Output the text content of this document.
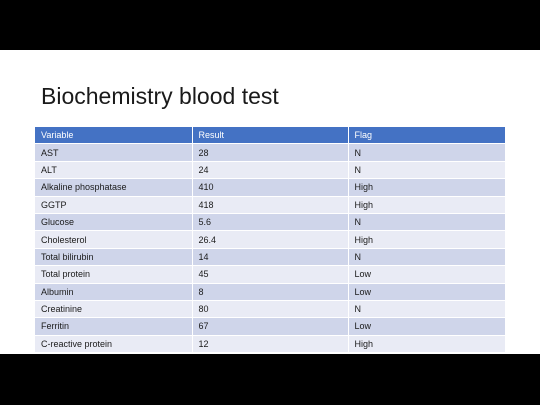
Biochemistry blood test
Variable	Result	Flag
AST	28	N
ALT	24	N
Alkaline phosphatase	410	High
GGTP	418	High
Glucose	5.6	N
Cholesterol	26.4	High
Total bilirubin	14	N
Total protein	45	Low
Albumin	8	Low
Creatinine	80	N
Ferritin	67	Low
C-reactive protein	12	High
